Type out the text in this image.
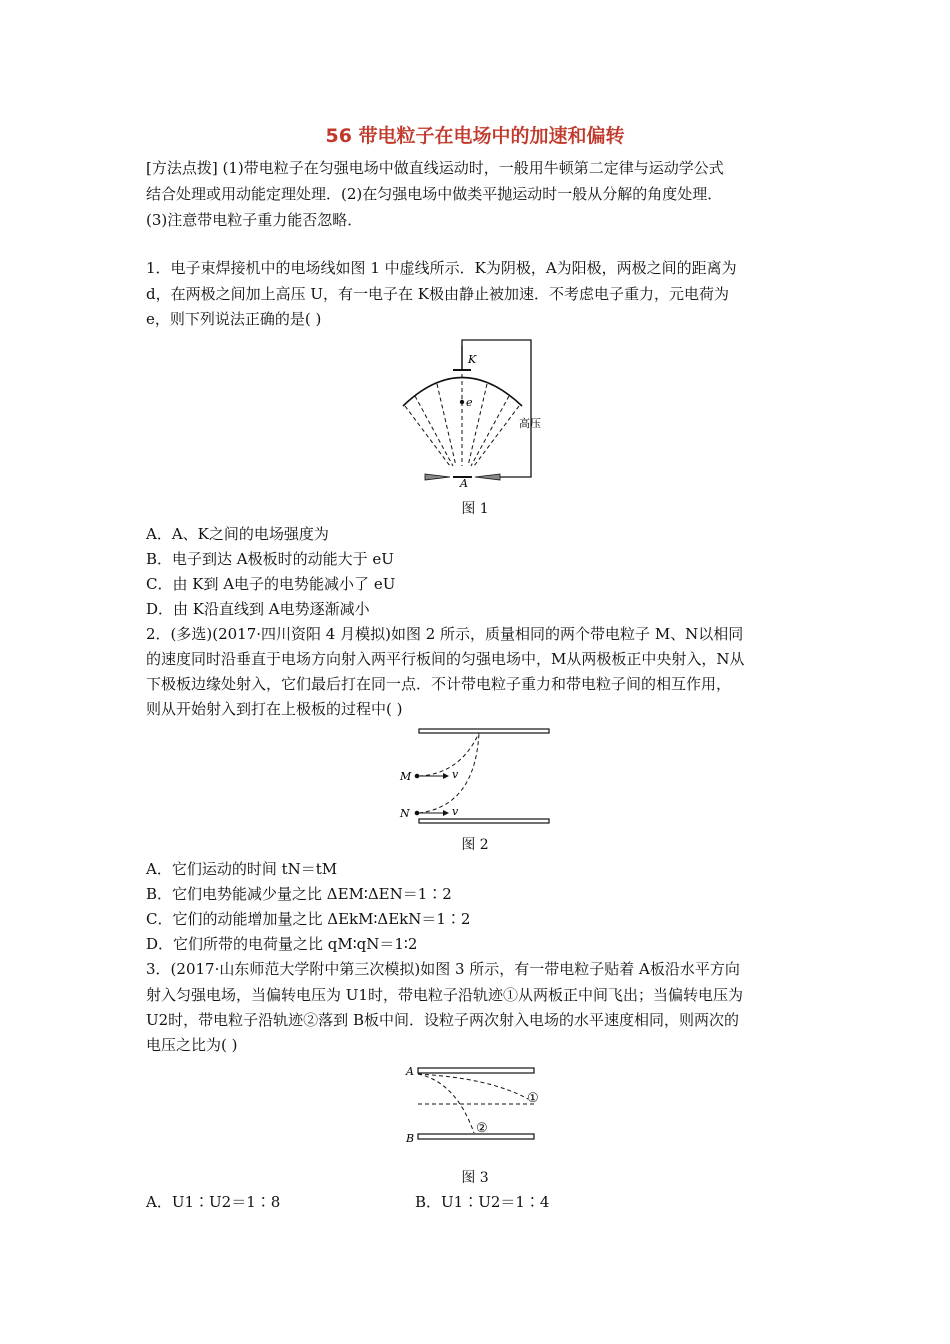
56 带电粒子在电场中的加速和偏转
[方法点拨] (1)带电粒子在匀强电场中做直线运动时，一般用牛顿第二定律与运动学公式
结合处理或用动能定理处理．(2)在匀强电场中做类平抛运动时一般从分解的角度处理．
(3)注意带电粒子重力能否忽略．
1．电子束焊接机中的电场线如图 1 中虚线所示．K为阴极，A为阳极，两极之间的距离为
d，在两极之间加上高压 U，有一电子在 K极由静止被加速．不考虑电子重力，元电荷为
e，则下列说法正确的是( )
K
e
高压
A
图 1
A．A、K之间的电场强度为
B．电子到达 A极板时的动能大于 eU
C．由 K到 A电子的电势能减小了 eU
D．由 K沿直线到 A电势逐渐减小
2．(多选)(2017·四川资阳 4 月模拟)如图 2 所示，质量相同的两个带电粒子 M、N以相同
的速度同时沿垂直于电场方向射入两平行板间的匀强电场中，M从两极板正中央射入，N从
下极板边缘处射入，它们最后打在同一点．不计带电粒子重力和带电粒子间的相互作用，
则从开始射入到打在上极板的过程中( )
M
N
v
v
图 2
A．它们运动的时间 tN＝tM
B．它们电势能减少量之比 ΔEM∶ΔEN＝1∶2
C．它们的动能增加量之比 ΔEkM∶ΔEkN＝1∶2
D．它们所带的电荷量之比 qM∶qN＝1∶2
3．(2017·山东师范大学附中第三次模拟)如图 3 所示，有一带电粒子贴着 A板沿水平方向
射入匀强电场，当偏转电压为 U1时，带电粒子沿轨迹①从两板正中间飞出；当偏转电压为
U2时，带电粒子沿轨迹②落到 B板中间．设粒子两次射入电场的水平速度相同，则两次的
电压之比为( )
A
B
①
②
图 3
A．U1∶U2＝1∶8	B．U1∶U2＝1∶4
